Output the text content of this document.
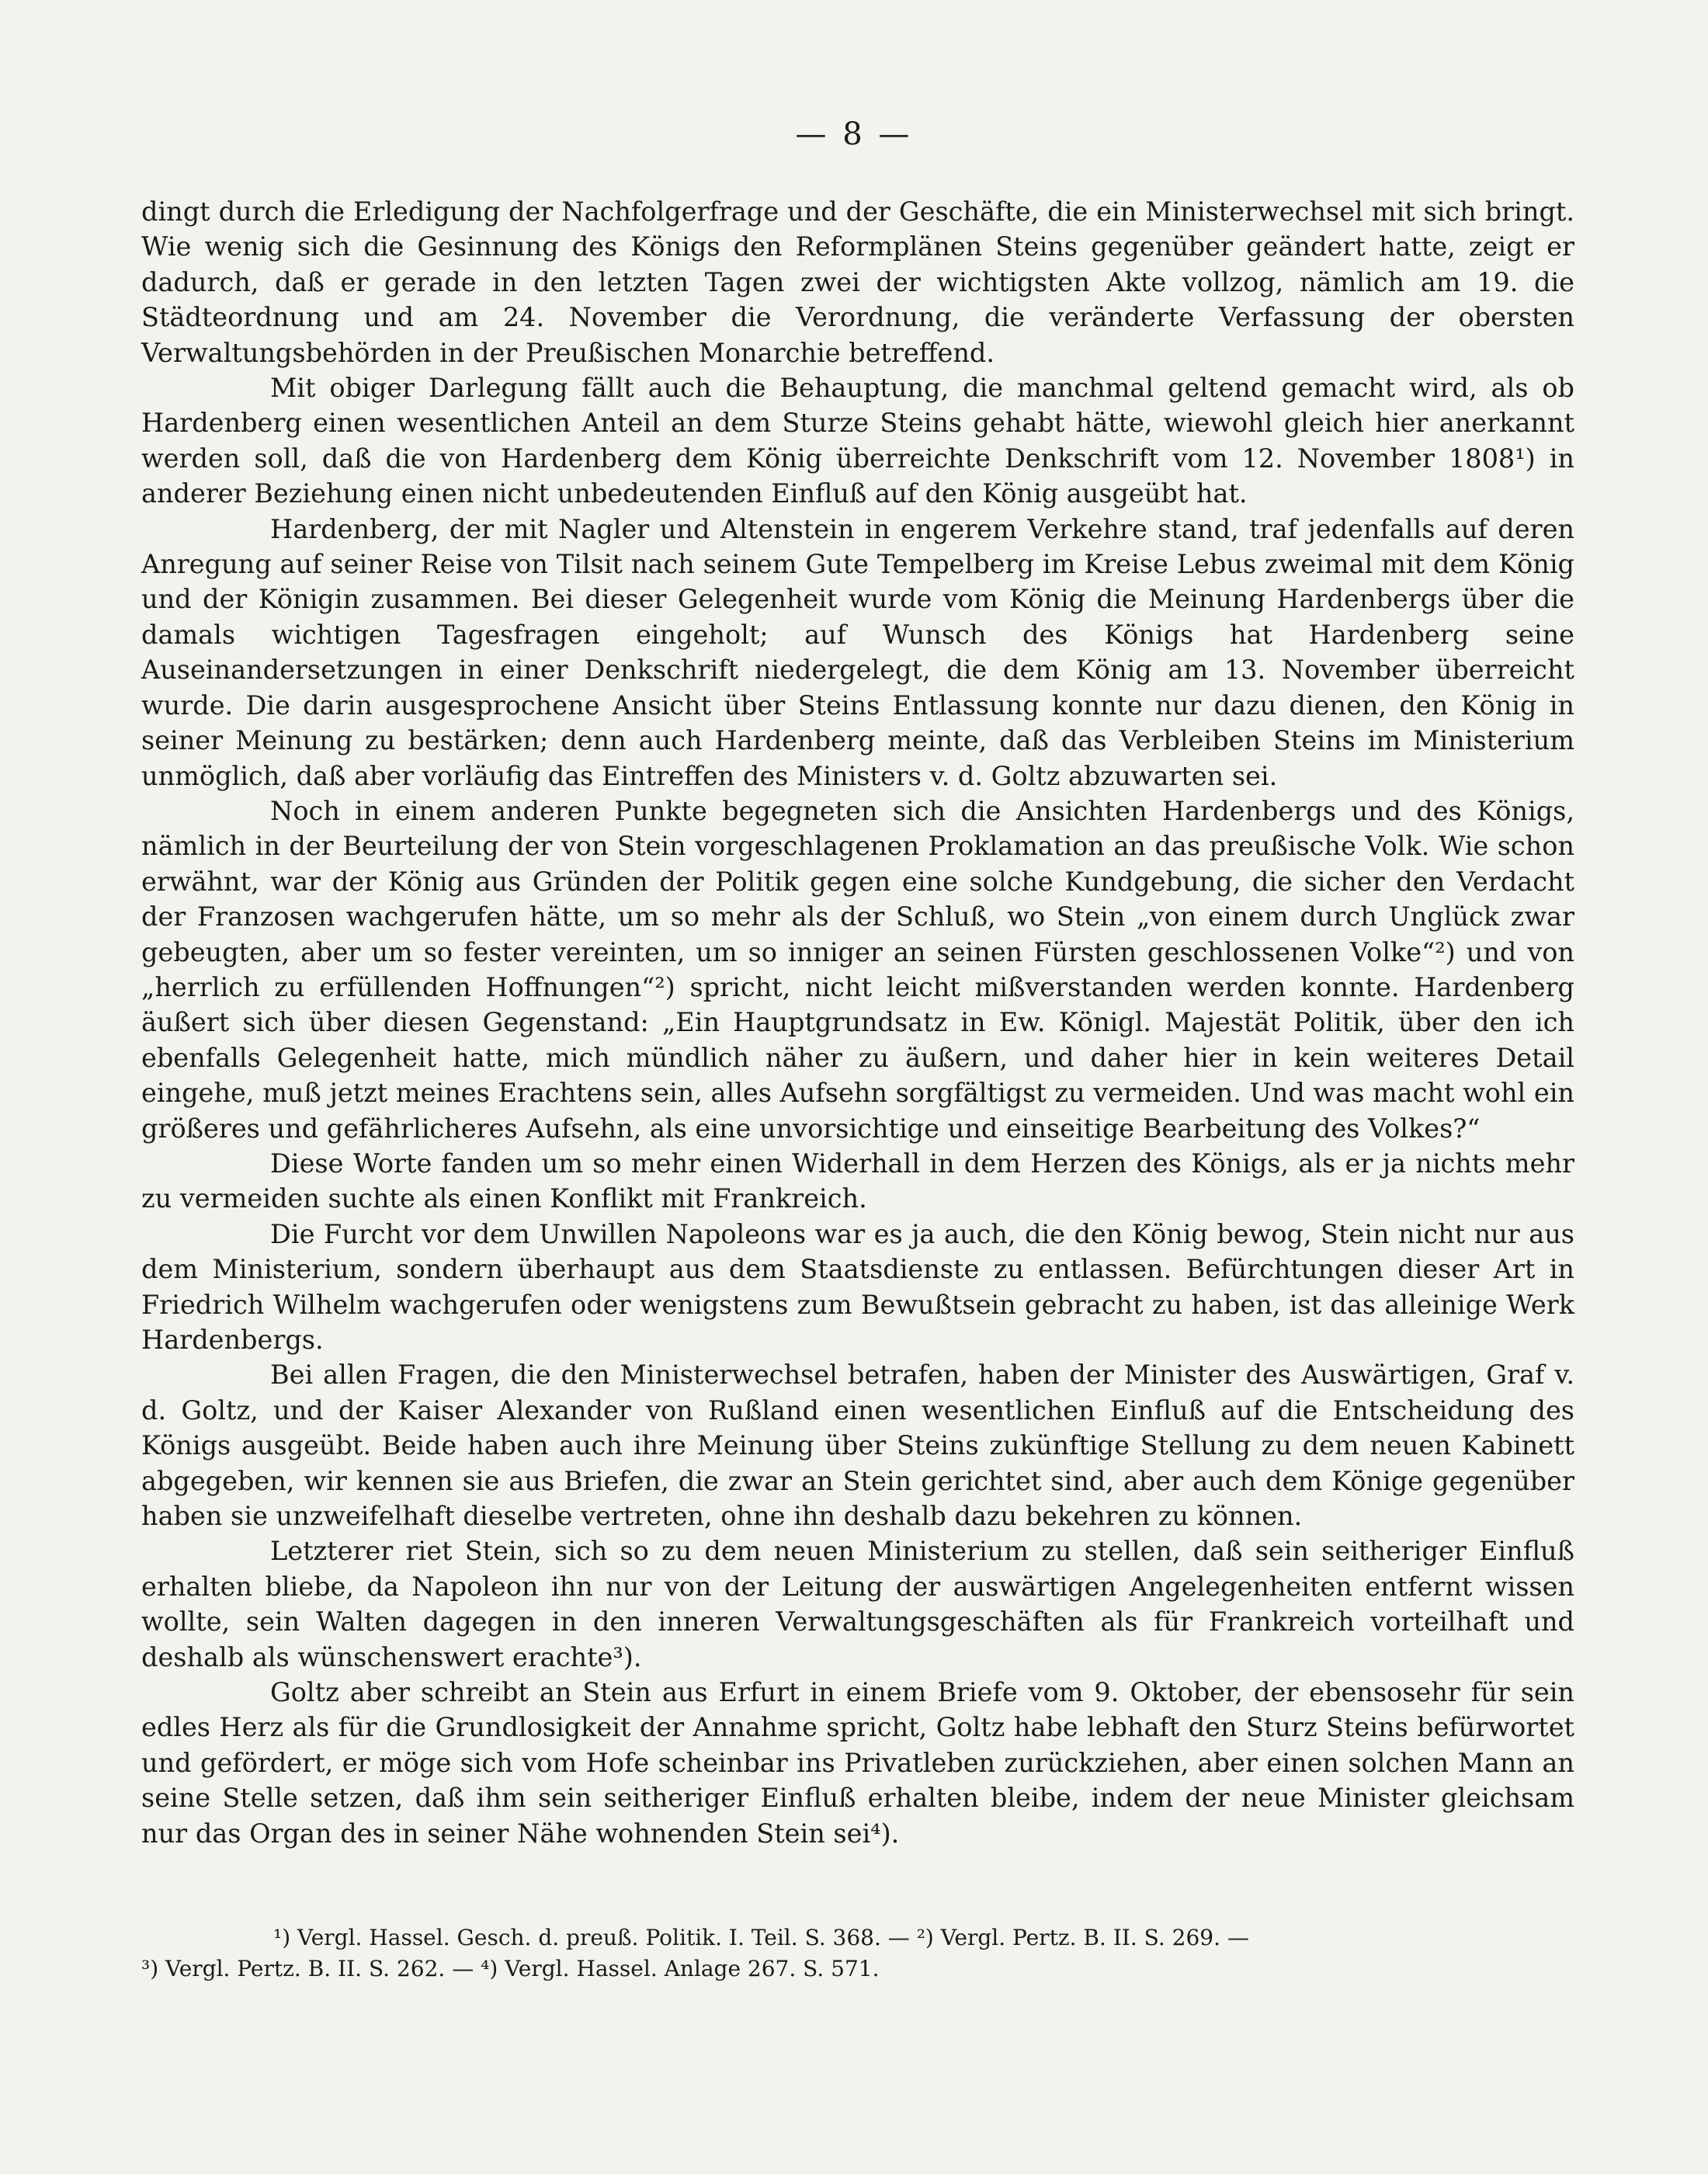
— 8 —

dingt durch die Erledigung der Nachfolgerfrage und der Geschäfte, die ein Ministerwechsel mit sich bringt. Wie wenig sich die Gesinnung des Königs den Reformplänen Steins gegenüber geändert hatte, zeigt er dadurch, daß er gerade in den letzten Tagen zwei der wichtigsten Akte vollzog, nämlich am 19. die Städteordnung und am 24. November die Verordnung, die veränderte Verfassung der obersten Verwaltungsbehörden in der Preußischen Monarchie betreffend.

Mit obiger Darlegung fällt auch die Behauptung, die manchmal geltend gemacht wird, als ob Hardenberg einen wesentlichen Anteil an dem Sturze Steins gehabt hätte, wiewohl gleich hier anerkannt werden soll, daß die von Hardenberg dem König überreichte Denkschrift vom 12. November 1808¹) in anderer Beziehung einen nicht unbedeutenden Einfluß auf den König ausgeübt hat.

Hardenberg, der mit Nagler und Altenstein in engerem Verkehre stand, traf jedenfalls auf deren Anregung auf seiner Reise von Tilsit nach seinem Gute Tempelberg im Kreise Lebus zweimal mit dem König und der Königin zusammen. Bei dieser Gelegenheit wurde vom König die Meinung Hardenbergs über die damals wichtigen Tagesfragen eingeholt; auf Wunsch des Königs hat Hardenberg seine Auseinandersetzungen in einer Denkschrift niedergelegt, die dem König am 13. November überreicht wurde. Die darin ausgesprochene Ansicht über Steins Entlassung konnte nur dazu dienen, den König in seiner Meinung zu bestärken; denn auch Hardenberg meinte, daß das Verbleiben Steins im Ministerium unmöglich, daß aber vorläufig das Eintreffen des Ministers v. d. Goltz abzuwarten sei.

Noch in einem anderen Punkte begegneten sich die Ansichten Hardenbergs und des Königs, nämlich in der Beurteilung der von Stein vorgeschlagenen Proklamation an das preußische Volk. Wie schon erwähnt, war der König aus Gründen der Politik gegen eine solche Kundgebung, die sicher den Verdacht der Franzosen wachgerufen hätte, um so mehr als der Schluß, wo Stein „von einem durch Unglück zwar gebeugten, aber um so fester vereinten, um so inniger an seinen Fürsten geschlossenen Volke“²) und von „herrlich zu erfüllenden Hoffnungen“²) spricht, nicht leicht mißverstanden werden konnte. Hardenberg äußert sich über diesen Gegenstand: „Ein Hauptgrundsatz in Ew. Königl. Majestät Politik, über den ich ebenfalls Gelegenheit hatte, mich mündlich näher zu äußern, und daher hier in kein weiteres Detail eingehe, muß jetzt meines Erachtens sein, alles Aufsehn sorgfältigst zu vermeiden. Und was macht wohl ein größeres und gefährlicheres Aufsehn, als eine unvorsichtige und einseitige Bearbeitung des Volkes?“

Diese Worte fanden um so mehr einen Widerhall in dem Herzen des Königs, als er ja nichts mehr zu vermeiden suchte als einen Konflikt mit Frankreich.

Die Furcht vor dem Unwillen Napoleons war es ja auch, die den König bewog, Stein nicht nur aus dem Ministerium, sondern überhaupt aus dem Staatsdienste zu entlassen. Befürchtungen dieser Art in Friedrich Wilhelm wachgerufen oder wenigstens zum Bewußtsein gebracht zu haben, ist das alleinige Werk Hardenbergs.

Bei allen Fragen, die den Ministerwechsel betrafen, haben der Minister des Auswärtigen, Graf v. d. Goltz, und der Kaiser Alexander von Rußland einen wesentlichen Einfluß auf die Entscheidung des Königs ausgeübt. Beide haben auch ihre Meinung über Steins zukünftige Stellung zu dem neuen Kabinett abgegeben, wir kennen sie aus Briefen, die zwar an Stein gerichtet sind, aber auch dem Könige gegenüber haben sie unzweifelhaft dieselbe vertreten, ohne ihn deshalb dazu bekehren zu können.

Letzterer riet Stein, sich so zu dem neuen Ministerium zu stellen, daß sein seitheriger Einfluß erhalten bliebe, da Napoleon ihn nur von der Leitung der auswärtigen Angelegenheiten entfernt wissen wollte, sein Walten dagegen in den inneren Verwaltungsgeschäften als für Frankreich vorteilhaft und deshalb als wünschenswert erachte³).

Goltz aber schreibt an Stein aus Erfurt in einem Briefe vom 9. Oktober, der ebensosehr für sein edles Herz als für die Grundlosigkeit der Annahme spricht, Goltz habe lebhaft den Sturz Steins befürwortet und gefördert, er möge sich vom Hofe scheinbar ins Privatleben zurückziehen, aber einen solchen Mann an seine Stelle setzen, daß ihm sein seitheriger Einfluß erhalten bleibe, indem der neue Minister gleichsam nur das Organ des in seiner Nähe wohnenden Stein sei⁴).

¹) Vergl. Hassel. Gesch. d. preuß. Politik. I. Teil. S. 368. — ²) Vergl. Pertz. B. II. S. 269. —

³) Vergl. Pertz. B. II. S. 262. — ⁴) Vergl. Hassel. Anlage 267. S. 571.
